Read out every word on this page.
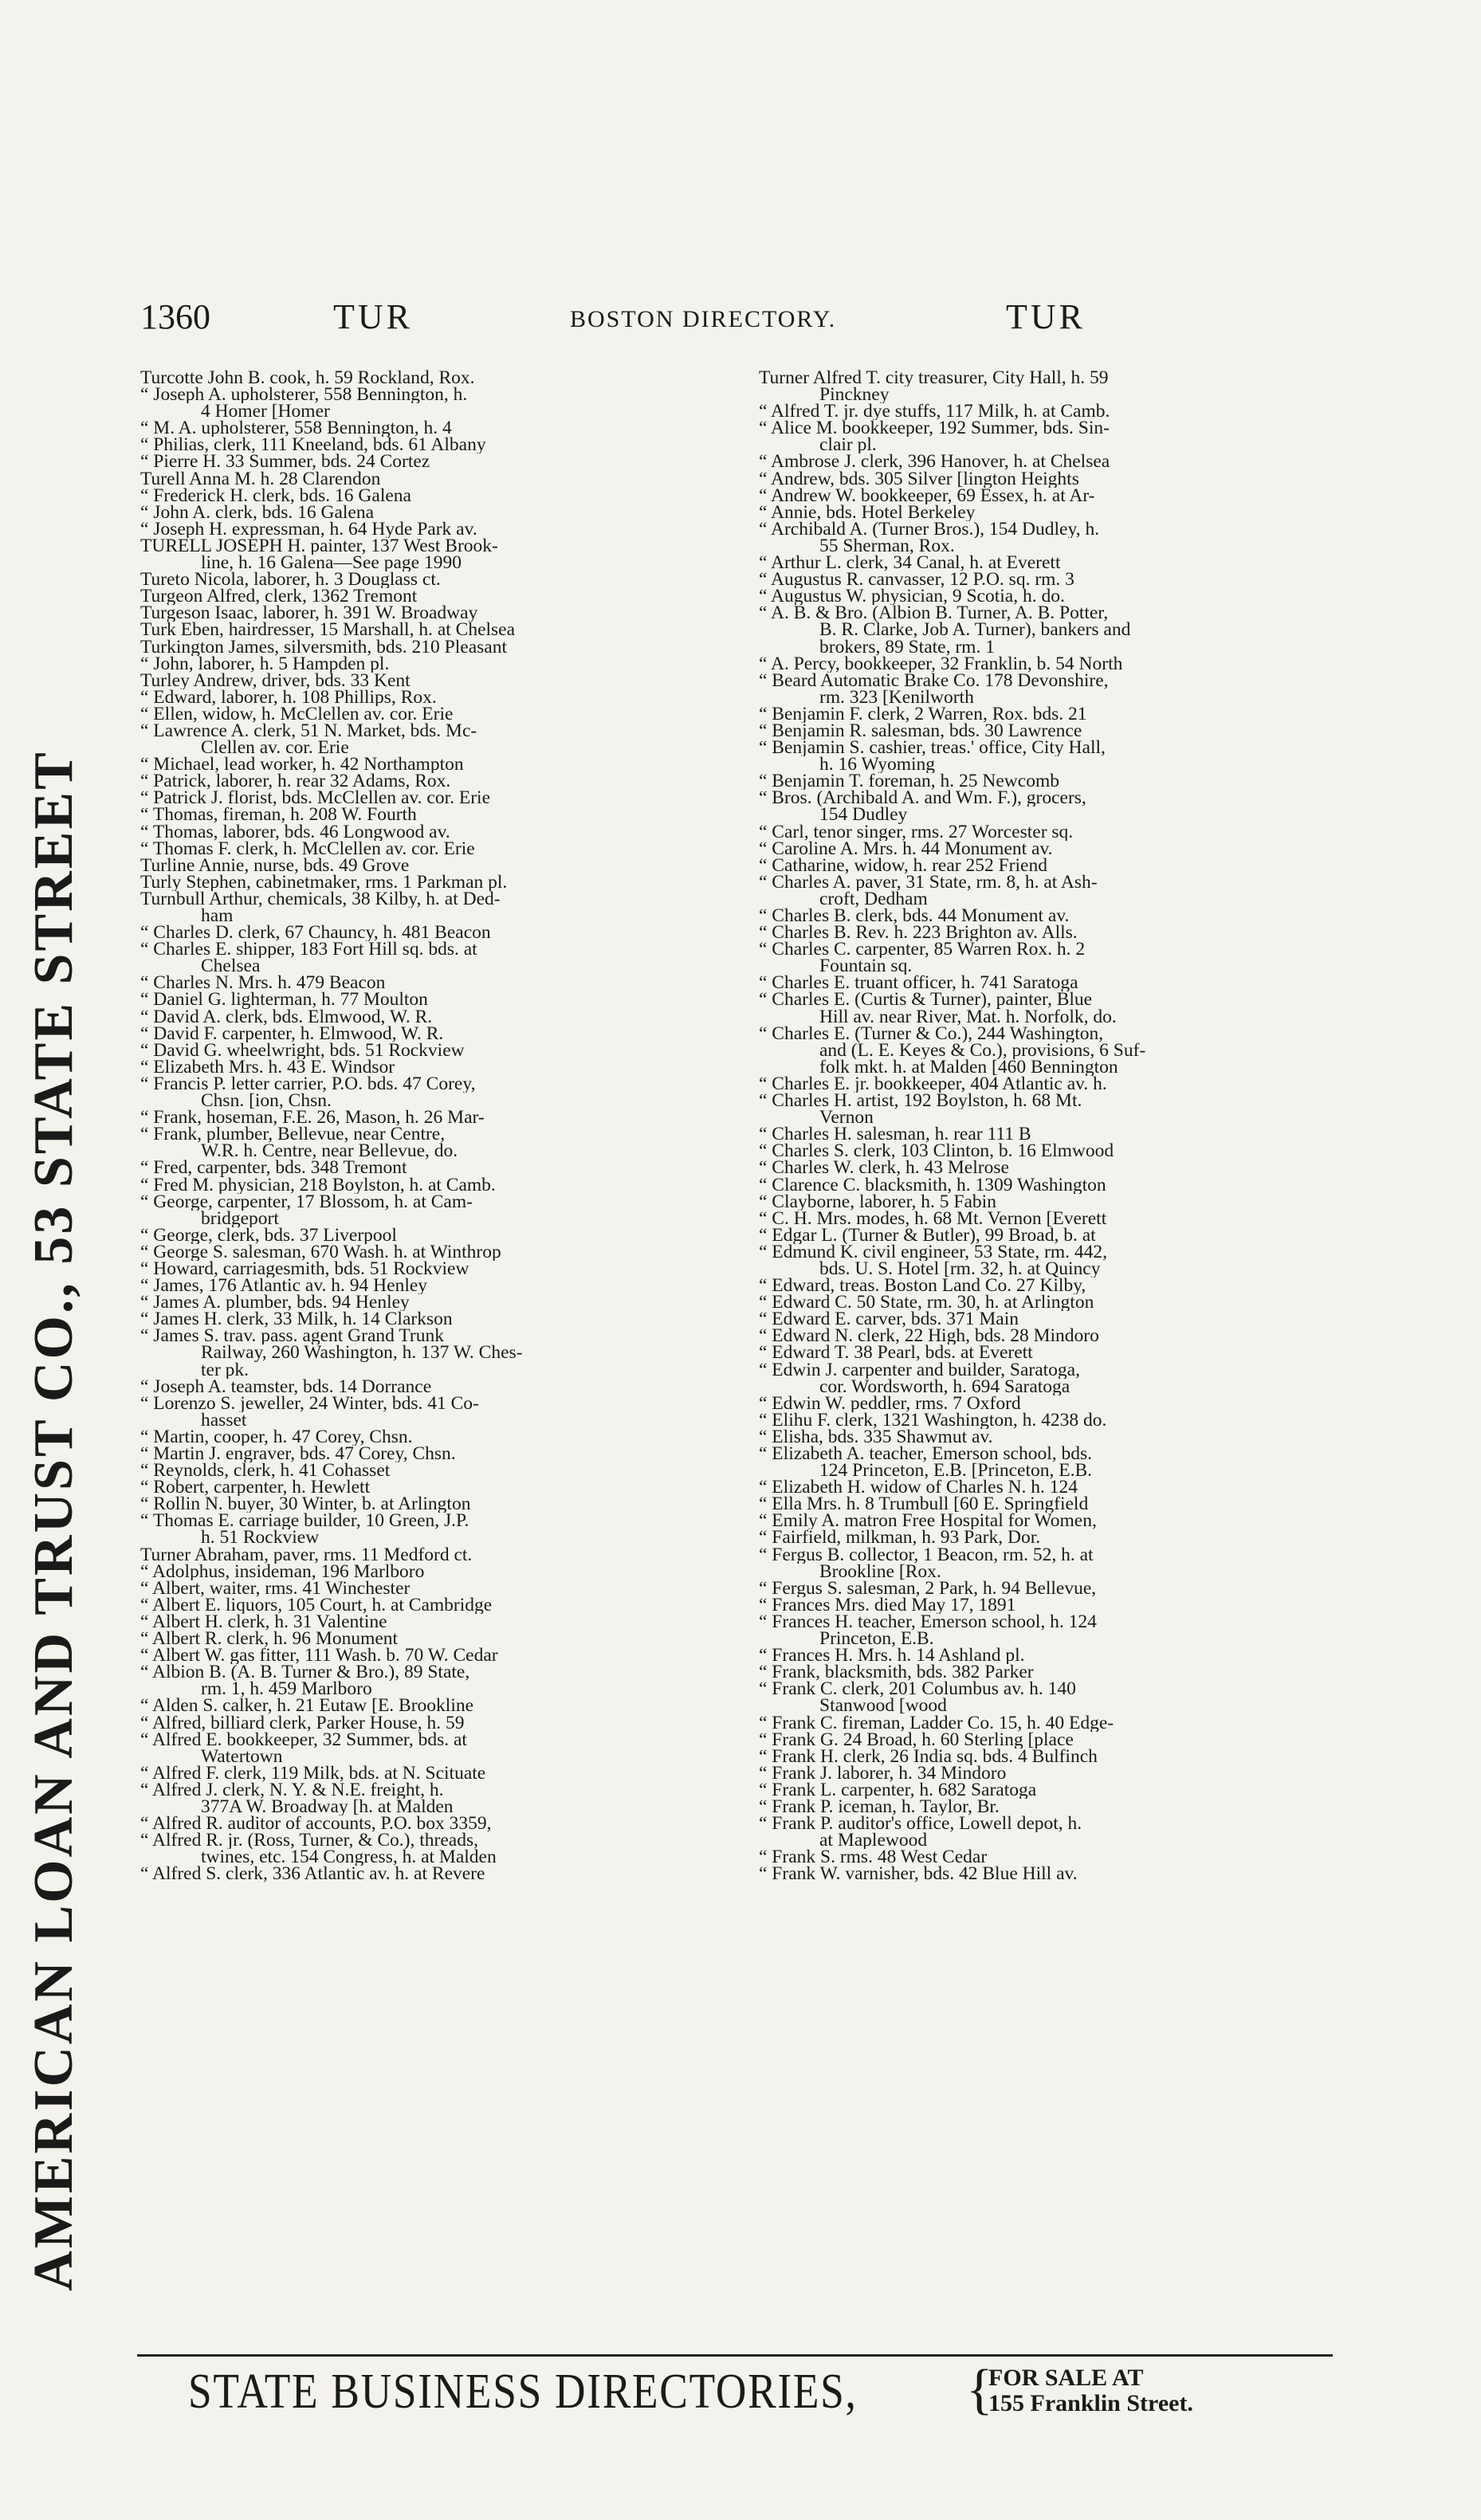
1360	TUR	BOSTON DIRECTORY.	TUR
AMERICAN LOAN AND TRUST CO., 53 STATE STREET
Turcotte John B. cook, h. 59 Rockland, Rox.
“ Joseph A. upholsterer, 558 Bennington, h.
4 Homer [Homer
“ M. A. upholsterer, 558 Bennington, h. 4
“ Philias, clerk, 111 Kneeland, bds. 61 Albany
“ Pierre H. 33 Summer, bds. 24 Cortez
Turell Anna M. h. 28 Clarendon
“ Frederick H. clerk, bds. 16 Galena
“ John A. clerk, bds. 16 Galena
“ Joseph H. expressman, h. 64 Hyde Park av.
TURELL JOSEPH H. painter, 137 West Brook-
line, h. 16 Galena—See page 1990
Tureto Nicola, laborer, h. 3 Douglass ct.
Turgeon Alfred, clerk, 1362 Tremont
Turgeson Isaac, laborer, h. 391 W. Broadway
Turk Eben, hairdresser, 15 Marshall, h. at Chelsea
Turkington James, silversmith, bds. 210 Pleasant
“ John, laborer, h. 5 Hampden pl.
Turley Andrew, driver, bds. 33 Kent
“ Edward, laborer, h. 108 Phillips, Rox.
“ Ellen, widow, h. McClellen av. cor. Erie
“ Lawrence A. clerk, 51 N. Market, bds. Mc-
Clellen av. cor. Erie
“ Michael, lead worker, h. 42 Northampton
“ Patrick, laborer, h. rear 32 Adams, Rox.
“ Patrick J. florist, bds. McClellen av. cor. Erie
“ Thomas, fireman, h. 208 W. Fourth
“ Thomas, laborer, bds. 46 Longwood av.
“ Thomas F. clerk, h. McClellen av. cor. Erie
Turline Annie, nurse, bds. 49 Grove
Turly Stephen, cabinetmaker, rms. 1 Parkman pl.
Turnbull Arthur, chemicals, 38 Kilby, h. at Ded-
ham
“ Charles D. clerk, 67 Chauncy, h. 481 Beacon
“ Charles E. shipper, 183 Fort Hill sq. bds. at
Chelsea
“ Charles N. Mrs. h. 479 Beacon
“ Daniel G. lighterman, h. 77 Moulton
“ David A. clerk, bds. Elmwood, W. R.
“ David F. carpenter, h. Elmwood, W. R.
“ David G. wheelwright, bds. 51 Rockview
“ Elizabeth Mrs. h. 43 E. Windsor
“ Francis P. letter carrier, P.O. bds. 47 Corey,
Chsn. [ion, Chsn.
“ Frank, hoseman, F.E. 26, Mason, h. 26 Mar-
“ Frank, plumber, Bellevue, near Centre,
W.R. h. Centre, near Bellevue, do.
“ Fred, carpenter, bds. 348 Tremont
“ Fred M. physician, 218 Boylston, h. at Camb.
“ George, carpenter, 17 Blossom, h. at Cam-
bridgeport
“ George, clerk, bds. 37 Liverpool
“ George S. salesman, 670 Wash. h. at Winthrop
“ Howard, carriagesmith, bds. 51 Rockview
“ James, 176 Atlantic av. h. 94 Henley
“ James A. plumber, bds. 94 Henley
“ James H. clerk, 33 Milk, h. 14 Clarkson
“ James S. trav. pass. agent Grand Trunk
Railway, 260 Washington, h. 137 W. Ches-
ter pk.
“ Joseph A. teamster, bds. 14 Dorrance
“ Lorenzo S. jeweller, 24 Winter, bds. 41 Co-
hasset
“ Martin, cooper, h. 47 Corey, Chsn.
“ Martin J. engraver, bds. 47 Corey, Chsn.
“ Reynolds, clerk, h. 41 Cohasset
“ Robert, carpenter, h. Hewlett
“ Rollin N. buyer, 30 Winter, b. at Arlington
“ Thomas E. carriage builder, 10 Green, J.P.
h. 51 Rockview
Turner Abraham, paver, rms. 11 Medford ct.
“ Adolphus, insideman, 196 Marlboro
“ Albert, waiter, rms. 41 Winchester
“ Albert E. liquors, 105 Court, h. at Cambridge
“ Albert H. clerk, h. 31 Valentine
“ Albert R. clerk, h. 96 Monument
“ Albert W. gas fitter, 111 Wash. b. 70 W. Cedar
“ Albion B. (A. B. Turner & Bro.), 89 State,
rm. 1, h. 459 Marlboro
“ Alden S. calker, h. 21 Eutaw [E. Brookline
“ Alfred, billiard clerk, Parker House, h. 59
“ Alfred E. bookkeeper, 32 Summer, bds. at
Watertown
“ Alfred F. clerk, 119 Milk, bds. at N. Scituate
“ Alfred J. clerk, N. Y. & N.E. freight, h.
377A W. Broadway [h. at Malden
“ Alfred R. auditor of accounts, P.O. box 3359,
“ Alfred R. jr. (Ross, Turner, & Co.), threads,
twines, etc. 154 Congress, h. at Malden
“ Alfred S. clerk, 336 Atlantic av. h. at Revere
Turner Alfred T. city treasurer, City Hall, h. 59
Pinckney
“ Alfred T. jr. dye stuffs, 117 Milk, h. at Camb.
“ Alice M. bookkeeper, 192 Summer, bds. Sin-
clair pl.
“ Ambrose J. clerk, 396 Hanover, h. at Chelsea
“ Andrew, bds. 305 Silver [lington Heights
“ Andrew W. bookkeeper, 69 Essex, h. at Ar-
“ Annie, bds. Hotel Berkeley
“ Archibald A. (Turner Bros.), 154 Dudley, h.
55 Sherman, Rox.
“ Arthur L. clerk, 34 Canal, h. at Everett
“ Augustus R. canvasser, 12 P.O. sq. rm. 3
“ Augustus W. physician, 9 Scotia, h. do.
“ A. B. & Bro. (Albion B. Turner, A. B. Potter,
B. R. Clarke, Job A. Turner), bankers and
brokers, 89 State, rm. 1
“ A. Percy, bookkeeper, 32 Franklin, b. 54 North
“ Beard Automatic Brake Co. 178 Devonshire,
rm. 323 [Kenilworth
“ Benjamin F. clerk, 2 Warren, Rox. bds. 21
“ Benjamin R. salesman, bds. 30 Lawrence
“ Benjamin S. cashier, treas.' office, City Hall,
h. 16 Wyoming
“ Benjamin T. foreman, h. 25 Newcomb
“ Bros. (Archibald A. and Wm. F.), grocers,
154 Dudley
“ Carl, tenor singer, rms. 27 Worcester sq.
“ Caroline A. Mrs. h. 44 Monument av.
“ Catharine, widow, h. rear 252 Friend
“ Charles A. paver, 31 State, rm. 8, h. at Ash-
croft, Dedham
“ Charles B. clerk, bds. 44 Monument av.
“ Charles B. Rev. h. 223 Brighton av. Alls.
“ Charles C. carpenter, 85 Warren Rox. h. 2
Fountain sq.
“ Charles E. truant officer, h. 741 Saratoga
“ Charles E. (Curtis & Turner), painter, Blue
Hill av. near River, Mat. h. Norfolk, do.
“ Charles E. (Turner & Co.), 244 Washington,
and (L. E. Keyes & Co.), provisions, 6 Suf-
folk mkt. h. at Malden [460 Bennington
“ Charles E. jr. bookkeeper, 404 Atlantic av. h.
“ Charles H. artist, 192 Boylston, h. 68 Mt.
Vernon
“ Charles H. salesman, h. rear 111 B
“ Charles S. clerk, 103 Clinton, b. 16 Elmwood
“ Charles W. clerk, h. 43 Melrose
“ Clarence C. blacksmith, h. 1309 Washington
“ Clayborne, laborer, h. 5 Fabin
“ C. H. Mrs. modes, h. 68 Mt. Vernon [Everett
“ Edgar L. (Turner & Butler), 99 Broad, b. at
“ Edmund K. civil engineer, 53 State, rm. 442,
bds. U. S. Hotel [rm. 32, h. at Quincy
“ Edward, treas. Boston Land Co. 27 Kilby,
“ Edward C. 50 State, rm. 30, h. at Arlington
“ Edward E. carver, bds. 371 Main
“ Edward N. clerk, 22 High, bds. 28 Mindoro
“ Edward T. 38 Pearl, bds. at Everett
“ Edwin J. carpenter and builder, Saratoga,
cor. Wordsworth, h. 694 Saratoga
“ Edwin W. peddler, rms. 7 Oxford
“ Elihu F. clerk, 1321 Washington, h. 4238 do.
“ Elisha, bds. 335 Shawmut av.
“ Elizabeth A. teacher, Emerson school, bds.
124 Princeton, E.B. [Princeton, E.B.
“ Elizabeth H. widow of Charles N. h. 124
“ Ella Mrs. h. 8 Trumbull [60 E. Springfield
“ Emily A. matron Free Hospital for Women,
“ Fairfield, milkman, h. 93 Park, Dor.
“ Fergus B. collector, 1 Beacon, rm. 52, h. at
Brookline [Rox.
“ Fergus S. salesman, 2 Park, h. 94 Bellevue,
“ Frances Mrs. died May 17, 1891
“ Frances H. teacher, Emerson school, h. 124
Princeton, E.B.
“ Frances H. Mrs. h. 14 Ashland pl.
“ Frank, blacksmith, bds. 382 Parker
“ Frank C. clerk, 201 Columbus av. h. 140
Stanwood [wood
“ Frank C. fireman, Ladder Co. 15, h. 40 Edge-
“ Frank G. 24 Broad, h. 60 Sterling [place
“ Frank H. clerk, 26 India sq. bds. 4 Bulfinch
“ Frank J. laborer, h. 34 Mindoro
“ Frank L. carpenter, h. 682 Saratoga
“ Frank P. iceman, h. Taylor, Br.
“ Frank P. auditor's office, Lowell depot, h.
at Maplewood
“ Frank S. rms. 48 West Cedar
“ Frank W. varnisher, bds. 42 Blue Hill av.
STATE BUSINESS DIRECTORIES, {
FOR SALE AT
155 Franklin Street.
